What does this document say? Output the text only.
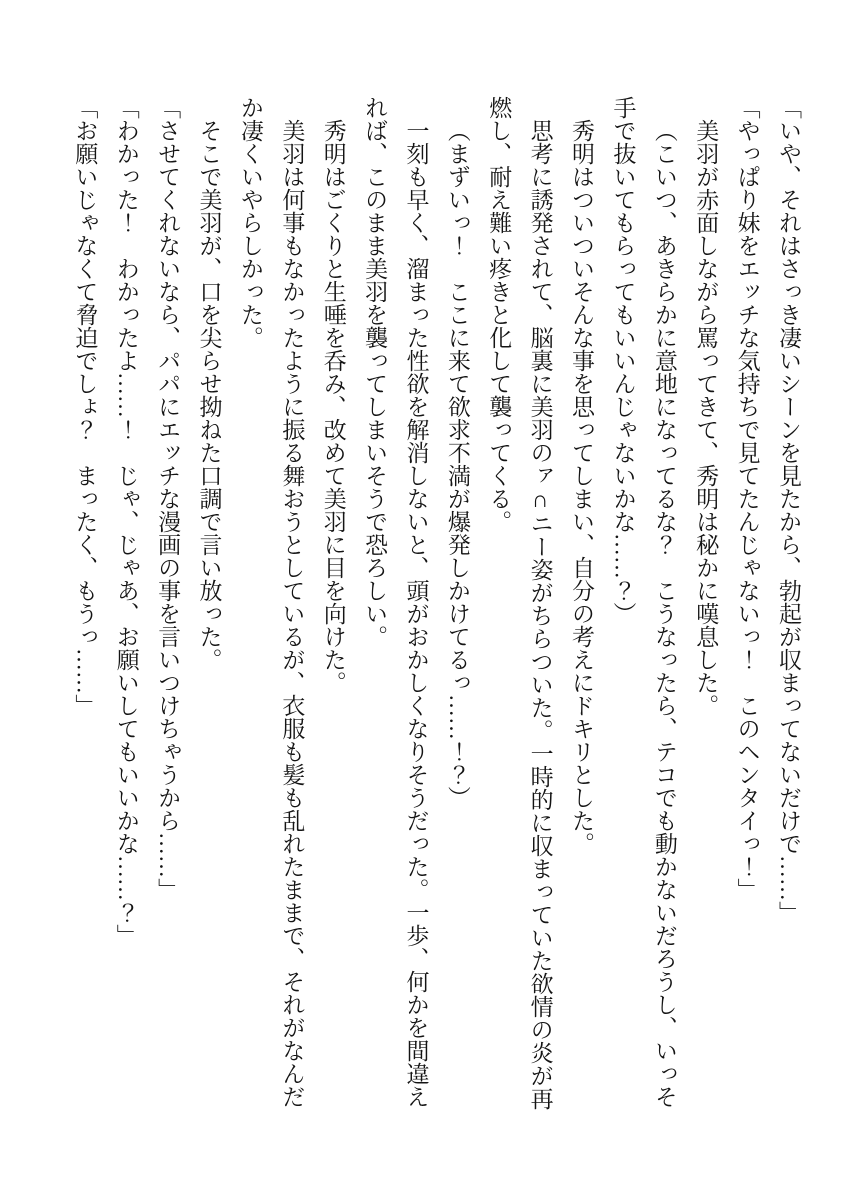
「いや、それはさっき凄いシーンを見たから、勃起が収まってないだけで……」

「やっぱり妹をエッチな気持ちで見てたんじゃないっ！　このヘンタイっ！」

美羽が赤面しながら罵ってきて、秀明は秘かに嘆息した。

（こいつ、あきらかに意地になってるな？　こうなったら、テコでも動かないだろうし、いっそ手で抜いてもらってもいいんじゃないかな……？）

秀明はついついそんな事を思ってしまい、自分の考えにドキリとした。

思考に誘発されて、脳裏に美羽のァ∩ニー姿がちらついた。一時的に収まっていた欲情の炎が再燃し、耐え難い疼きと化して襲ってくる。

（まずいっ！　ここに来て欲求不満が爆発しかけてるっ……！？）

一刻も早く、溜まった性欲を解消しないと、頭がおかしくなりそうだった。一歩、何かを間違えれば、このまま美羽を襲ってしまいそうで恐ろしい。

秀明はごくりと生唾を呑み、改めて美羽に目を向けた。

美羽は何事もなかったように振る舞おうとしているが、衣服も髪も乱れたままで、それがなんだか凄くいやらしかった。

そこで美羽が、口を尖らせ拗ねた口調で言い放った。

「させてくれないなら、パパにエッチな漫画の事を言いつけちゃうから……」

「わかった！　わかったよ……！　じゃ、じゃあ、お願いしてもいいかな……？」

「お願いじゃなくて脅迫でしょ？　まったく、もうっ……」
